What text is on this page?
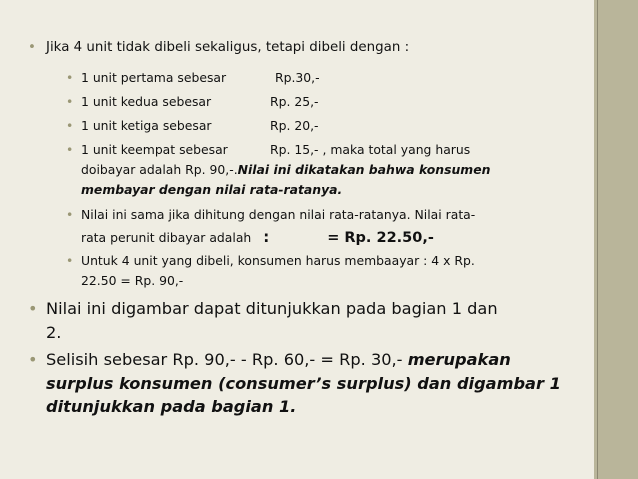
• Jika 4 unit tidak dibeli sekaligus, tetapi dibeli dengan :
• 1 unit pertama sebesar	Rp.30,-
• 1 unit kedua sebesar	Rp. 25,-
• 1 unit ketiga sebesar	Rp. 20,-
• 1 unit keempat sebesar	Rp. 15,- , maka total yang harus

doibayar adalah Rp. 90,-.Nilai ini dikatakan bahwa konsumen
membayar dengan nilai rata-ratanya.
• Nilai ini sama jika dihitung dengan nilai rata-ratanya. Nilai rata-
rata perunit dibayar adalah :	= Rp. 22.50,-
• Untuk 4 unit yang dibeli, konsumen harus membaayar : 4 x Rp.
22.50 = Rp. 90,-
• Nilai ini digambar dapat ditunjukkan pada bagian 1 dan
2.
• Selisih sebesar Rp. 90,- - Rp. 60,- = Rp. 30,- merupakan
surplus konsumen (consumer’s surplus) dan digambar 1
ditunjukkan pada bagian 1.
